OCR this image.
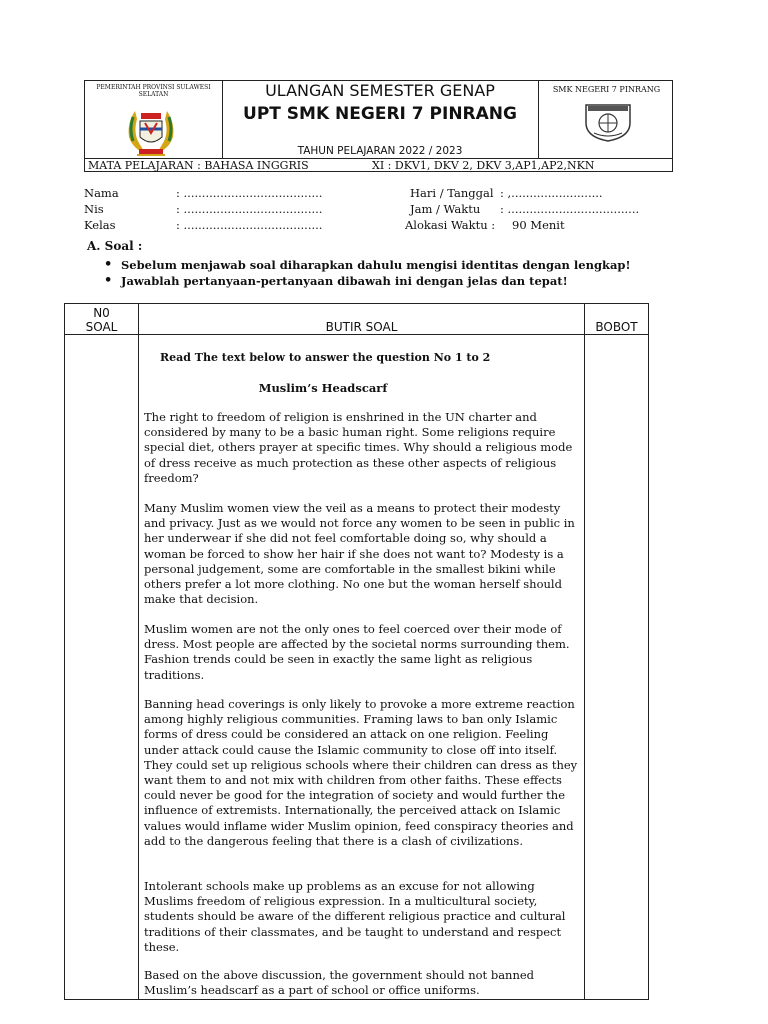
PEMERINTAH PROVINSI SULAWESI SELATAN	ULANGAN SEMESTER GENAP
UPT SMK NEGERI 7 PINRANG
TAHUN PELAJARAN 2022 / 2023
SMK NEGERI 7 PINRANG
MATA PELAJARAN : BAHASA INGGRIS	XI : DKV1, DKV 2, DKV 3,AP1,AP2,NKN
Nama	: ......................................
Nis	: ......................................
Kelas	: ......................................
Hari / Tanggal : ,.........................
Jam / Waktu : ....................................
Alokasi Waktu : 90 Menit
A. Soal :
• Sebelum menjawab soal diharapkan dahulu mengisi identitas dengan lengkap!
• Jawablah pertanyaan-pertanyaan dibawah ini dengan jelas dan tepat!
N0
SOAL	BUTIR SOAL	BOBOT
Read The text below to answer the question No 1 to 2
Muslim’s Headscarf
The right to freedom of religion is enshrined in the UN charter and considered by many to be a basic human right. Some religions require special diet, others prayer at specific times. Why should a religious mode of dress receive as much protection as these other aspects of religious freedom?
Many Muslim women view the veil as a means to protect their modesty and privacy. Just as we would not force any women to be seen in public in her underwear if she did not feel comfortable doing so, why should a woman be forced to show her hair if she does not want to? Modesty is a personal judgement, some are comfortable in the smallest bikini while others prefer a lot more clothing. No one but the woman herself should make that decision.
Muslim women are not the only ones to feel coerced over their mode of dress. Most people are affected by the societal norms surrounding them. Fashion trends could be seen in exactly the same light as religious traditions.
Banning head coverings is only likely to provoke a more extreme reaction among highly religious communities. Framing laws to ban only Islamic forms of dress could be considered an attack on one religion. Feeling under attack could cause the Islamic community to close off into itself. They could set up religious schools where their children can dress as they want them to and not mix with children from other faiths. These effects could never be good for the integration of society and would further the influence of extremists. Internationally, the perceived attack on Islamic values would inflame wider Muslim opinion, feed conspiracy theories and add to the dangerous feeling that there is a clash of civilizations.
Intolerant schools make up problems as an excuse for not allowing Muslims freedom of religious expression. In a multicultural society, students should be aware of the different religious practice and cultural traditions of their classmates, and be taught to understand and respect these.
Based on the above discussion, the government should not banned Muslim’s headscarf as a part of school or office uniforms.
